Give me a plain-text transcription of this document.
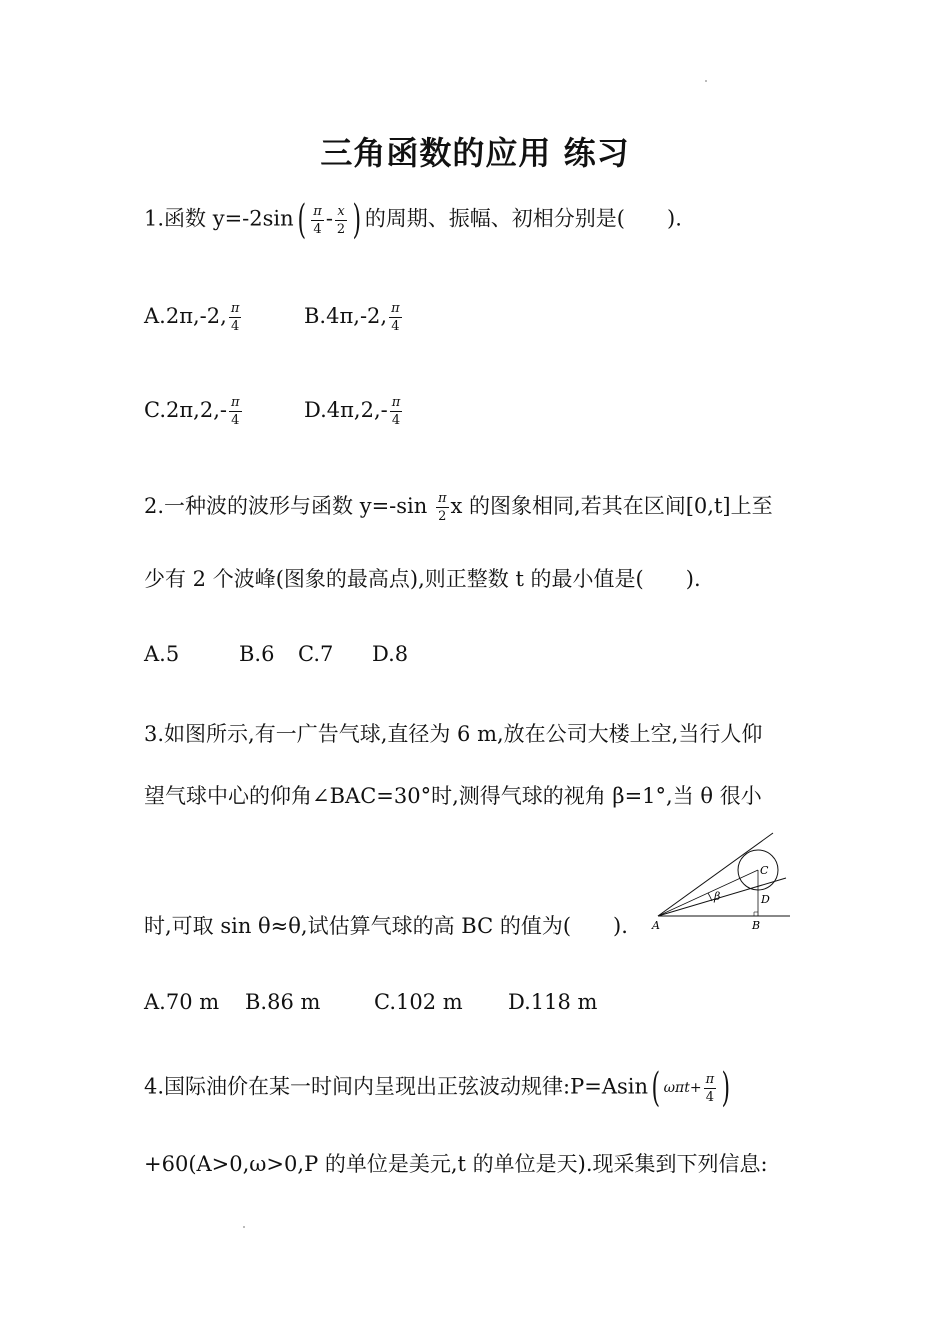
三角函数的应用 练习
1.函数 $y=-2\sin( \frac{\pi}{4} - \frac{x}{2}$ ) 的周期、振幅、初相分别是(　　).
A.2π,-2, $\frac{\pi}{4}$	B.4π,-2, $\frac{\pi}{4}$
$C.2\pi,2,- \frac{\pi}{4}$	$D.4\pi,2,- \frac{\pi}{4}$
2.一种波的波形与函数 $y=-\sin \frac{\pi}{2}$ x 的图象相同,若其在区间[0,t]上至
少有 2 个波峰(图象的最高点),则正整数 t 的最小值是(　　).
A.5	B.6 C.7 D.8
3.如图所示,有一广告气球,直径为 6 m,放在公司大楼上空,当行人仰
望气球中心的仰角∠BAC=30°时,测得气球的视角 β=1°,当 θ 很小
时,可取 sin θ≈θ,试估算气球的高 BC 的值为(　　). A	B
C
D
β
A.70 m B.86 m	C.102 m D.118 m
4.国际油价在某一时间内呈现出正弦波动规律:P=Asin( $\omega\pi t+ \frac{\pi}{4}$ )
+60(A>0,ω>0,P 的单位是美元,t 的单位是天).现采集到下列信息:
